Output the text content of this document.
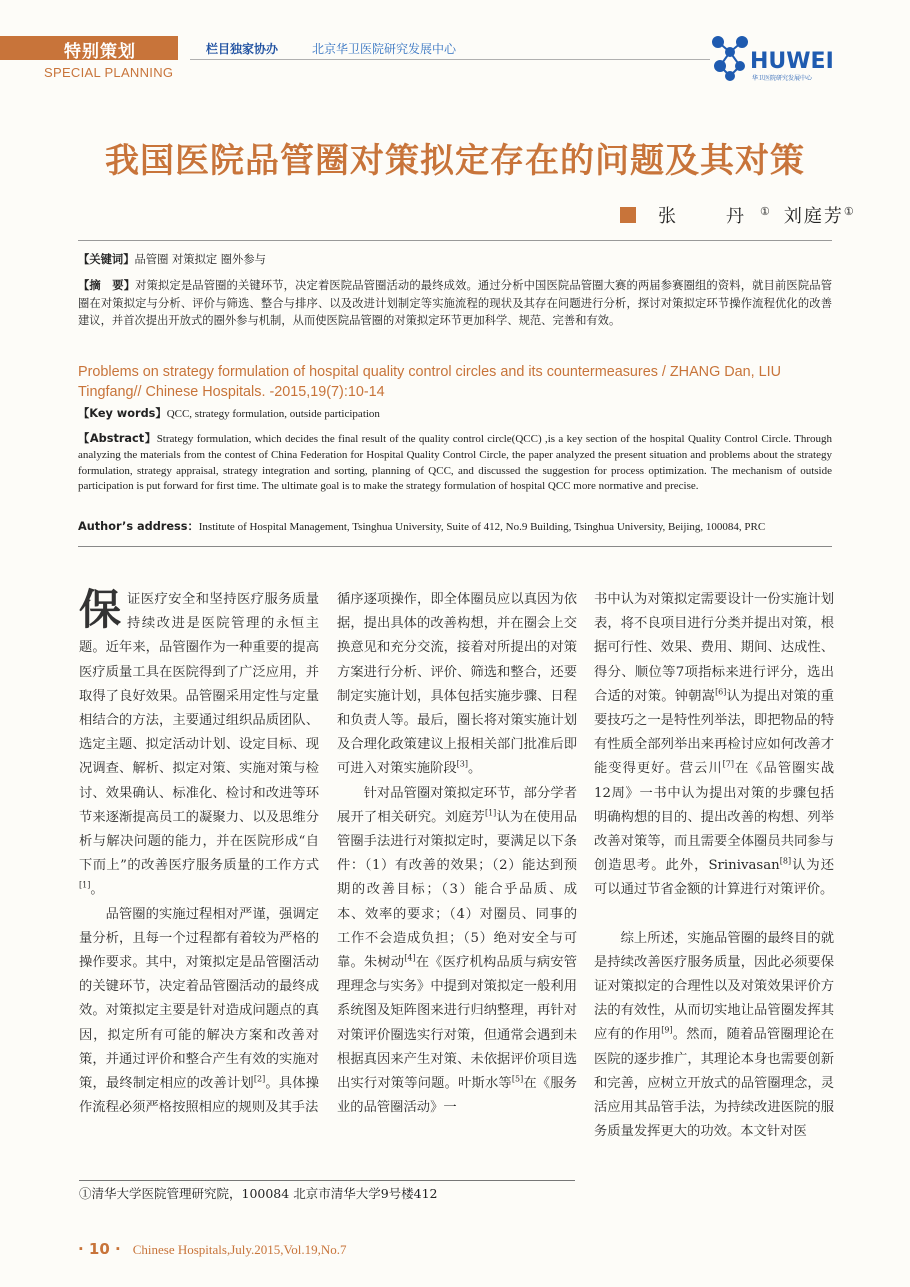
特别策划
SPECIAL PLANNING
栏目独家协办	北京华卫医院研究发展中心	HUWEI
华卫医院研究发展中心
我国医院品管圈对策拟定存在的问题及其对策
张　丹① 刘庭芳①
【关键词】品管圈 对策拟定 圈外参与
【摘　要】对策拟定是品管圈的关键环节，决定着医院品管圈活动的最终成效。通过分析中国医院品管圈大赛的两届参赛圈组的资料，就目前医院品管圈在对策拟定与分析、评价与筛选、整合与排序、以及改进计划制定等实施流程的现状及其存在问题进行分析，探讨对策拟定环节操作流程优化的改善建议，并首次提出开放式的圈外参与机制，从而使医院品管圈的对策拟定环节更加科学、规范、完善和有效。
Problems on strategy formulation of hospital quality control circles and its countermeasures / ZHANG Dan, LIU Tingfang// Chinese Hospitals. -2015,19(7):10-14
【Key words】QCC, strategy formulation, outside participation
【Abstract】Strategy formulation, which decides the final result of the quality control circle(QCC) ,is a key section of the hospital Quality Control Circle. Through analyzing the materials from the contest of China Federation for Hospital Quality Control Circle, the paper analyzed the present situation and problems about the strategy formulation, strategy appraisal, strategy integration and sorting, planning of QCC, and discussed the suggestion for process optimization. The mechanism of outside participation is put forward for first time. The ultimate goal is to make the strategy formulation of hospital QCC more normative and precise.
Author’s address：Institute of Hospital Management, Tsinghua University, Suite of 412, No.9 Building, Tsinghua University, Beijing, 100084, PRC

保证医疗安全和坚持医疗服务质量持续改进是医院管理的永恒主题。近年来，品管圈作为一种重要的提高医疗质量工具在医院得到了广泛应用，并取得了良好效果。品管圈采用定性与定量相结合的方法，主要通过组织品质团队、选定主题、拟定活动计划、设定目标、现况调查、解析、拟定对策、实施对策与检讨、效果确认、标准化、检讨和改进等环节来逐渐提高员工的凝聚力、以及思维分析与解决问题的能力，并在医院形成“自下而上”的改善医疗服务质量的工作方式[1]。

品管圈的实施过程相对严谨，强调定量分析，且每一个过程都有着较为严格的操作要求。其中，对策拟定是品管圈活动的关键环节，决定着品管圈活动的最终成效。对策拟定主要是针对造成问题点的真因，拟定所有可能的解决方案和改善对策，并通过评价和整合产生有效的实施对策，最终制定相应的改善计划[2]。具体操作流程必须严格按照相应的规则及其手法

循序逐项操作，即全体圈员应以真因为依据，提出具体的改善构想，并在圈会上交换意见和充分交流，接着对所提出的对策方案进行分析、评价、筛选和整合，还要制定实施计划，具体包括实施步骤、日程和负责人等。最后，圈长将对策实施计划及合理化政策建议上报相关部门批准后即可进入对策实施阶段[3]。

针对品管圈对策拟定环节，部分学者展开了相关研究。刘庭芳[1]认为在使用品管圈手法进行对策拟定时，要满足以下条件：（1）有改善的效果；（2）能达到预期的改善目标；（3）能合乎品质、成本、效率的要求；（4）对圈员、同事的工作不会造成负担；（5）绝对安全与可靠。朱树动[4]在《医疗机构品质与病安管理理念与实务》中提到对策拟定一般利用系统图及矩阵图来进行归纳整理，再针对对策评价圈选实行对策，但通常会遇到未根据真因来产生对策、未依据评价项目选出实行对策等问题。叶斯水等[5]在《服务业的品管圈活动》一

书中认为对策拟定需要设计一份实施计划表，将不良项目进行分类并提出对策，根据可行性、效果、费用、期间、达成性、得分、顺位等7项指标来进行评分，选出合适的对策。钟朝嵩[6]认为提出对策的重要技巧之一是特性列举法，即把物品的特有性质全部列举出来再检讨应如何改善才能变得更好。营云川[7]在《品管圈实战12周》一书中认为提出对策的步骤包括明确构想的目的、提出改善的构想、列举改善对策等，而且需要全体圈员共同参与创造思考。此外，Srinivasan[8]认为还可以通过节省金额的计算进行对策评价。

综上所述，实施品管圈的最终目的就是持续改善医疗服务质量，因此必须要保证对策拟定的合理性以及对策效果评价方法的有效性，从而切实地让品管圈发挥其应有的作用[9]。然而，随着品管圈理论在医院的逐步推广，其理论本身也需要创新和完善，应树立开放式的品管圈理念，灵活应用其品管手法，为持续改进医院的服务质量发挥更大的功效。本文针对医

①清华大学医院管理研究院，100084 北京市清华大学9号楼412
· 10 · Chinese Hospitals,July.2015,Vol.19,No.7
